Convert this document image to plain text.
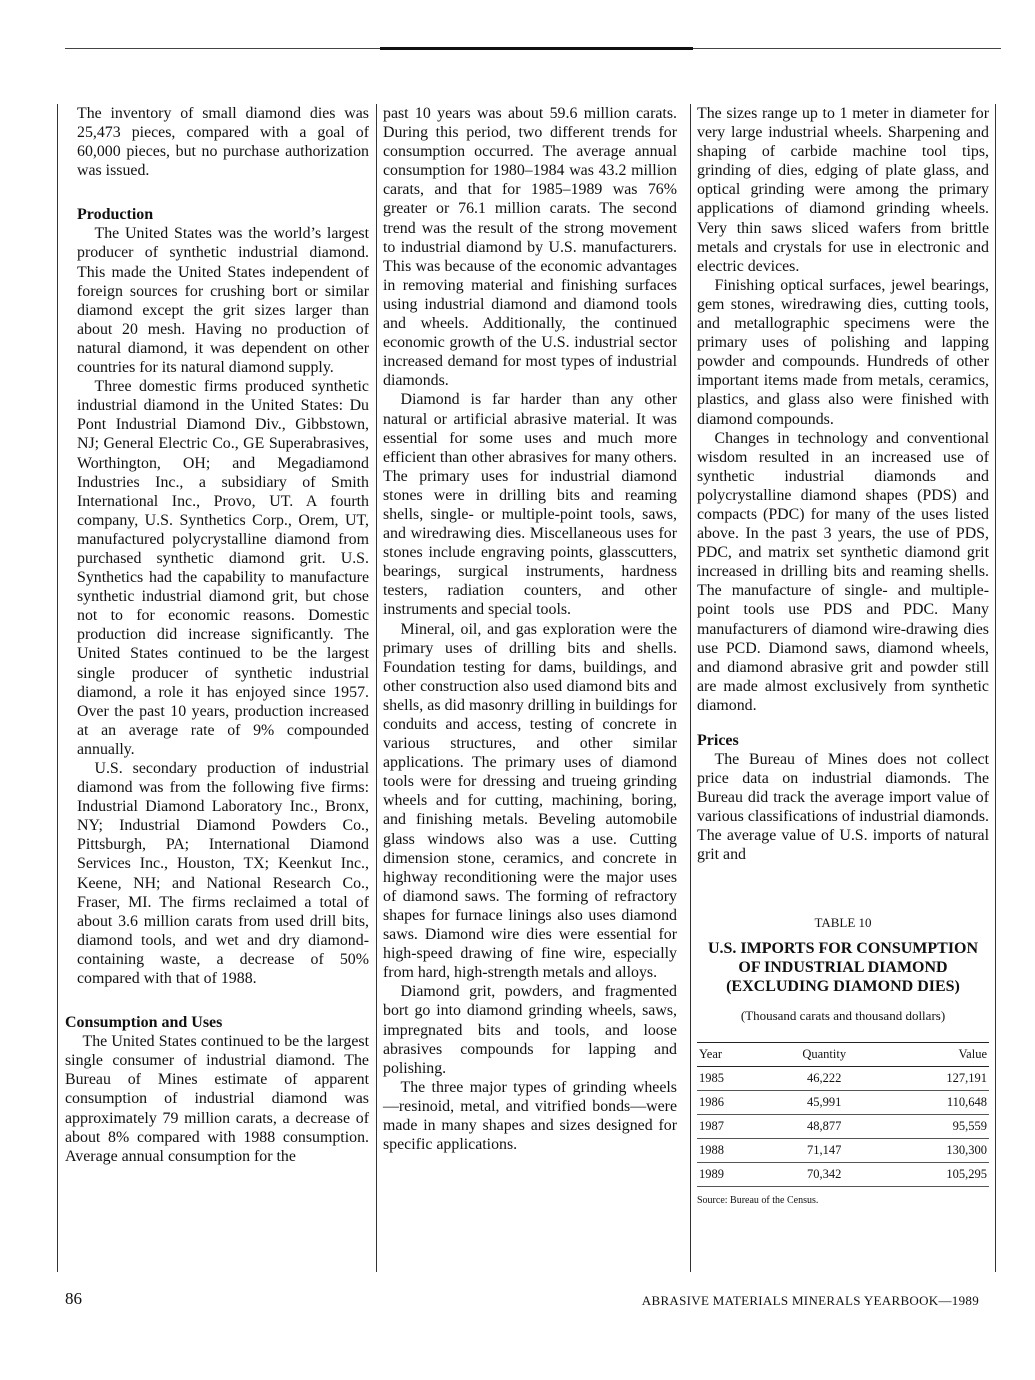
The inventory of small diamond dies was 25,473 pieces, compared with a goal of 60,000 pieces, but no purchase authorization was issued.

Production

The United States was the world’s largest producer of synthetic industrial diamond. This made the United States independent of foreign sources for crushing bort or similar diamond except the grit sizes larger than about 20 mesh. Having no production of natural diamond, it was dependent on other countries for its natural diamond supply.

Three domestic firms produced synthetic industrial diamond in the United States: Du Pont Industrial Diamond Div., Gibbstown, NJ; General Electric Co., GE Superabrasives, Worthington, OH; and Megadiamond Industries Inc., a subsidiary of Smith International Inc., Provo, UT. A fourth company, U.S. Synthetics Corp., Orem, UT, manufactured polycrystalline diamond from purchased synthetic diamond grit. U.S. Synthetics had the capability to manufacture synthetic industrial diamond grit, but chose not to for economic reasons. Domestic production did increase significantly. The United States continued to be the largest single producer of synthetic industrial diamond, a role it has enjoyed since 1957. Over the past 10 years, production increased at an average rate of 9% compounded annually.

U.S. secondary production of industrial diamond was from the following five firms: Industrial Diamond Laboratory Inc., Bronx, NY; Industrial Diamond Powders Co., Pittsburgh, PA; International Diamond Services Inc., Houston, TX; Keenkut Inc., Keene, NH; and National Research Co., Fraser, MI. The firms reclaimed a total of about 3.6 million carats from used drill bits, diamond tools, and wet and dry diamond-containing waste, a decrease of 50% compared with that of 1988.

Consumption and Uses

The United States continued to be the largest single consumer of industrial diamond. The Bureau of Mines estimate of apparent consumption of industrial diamond was approximately 79 million carats, a decrease of about 8% compared with 1988 consumption. Average annual consumption for the

past 10 years was about 59.6 million carats. During this period, two different trends for consumption occurred. The average annual consumption for 1980–1984 was 43.2 million carats, and that for 1985–1989 was 76% greater or 76.1 million carats. The second trend was the result of the strong movement to industrial diamond by U.S. manufacturers. This was because of the economic advantages in removing material and finishing surfaces using industrial diamond and diamond tools and wheels. Additionally, the continued economic growth of the U.S. industrial sector increased demand for most types of industrial diamonds.

Diamond is far harder than any other natural or artificial abrasive material. It was essential for some uses and much more efficient than other abrasives for many others. The primary uses for industrial diamond stones were in drilling bits and reaming shells, single- or multiple-point tools, saws, and wiredrawing dies. Miscellaneous uses for stones include engraving points, glasscutters, bearings, surgical instruments, hardness testers, radiation counters, and other instruments and special tools.

Mineral, oil, and gas exploration were the primary uses of drilling bits and shells. Foundation testing for dams, buildings, and other construction also used diamond bits and shells, as did masonry drilling in buildings for conduits and access, testing of concrete in various structures, and other similar applications. The primary uses of diamond tools were for dressing and trueing grinding wheels and for cutting, machining, boring, and finishing metals. Beveling automobile glass windows also was a use. Cutting dimension stone, ceramics, and concrete in highway reconditioning were the major uses of diamond saws. The forming of refractory shapes for furnace linings also uses diamond saws. Diamond wire dies were essential for high-speed drawing of fine wire, especially from hard, high-strength metals and alloys.

Diamond grit, powders, and fragmented bort go into diamond grinding wheels, saws, impregnated bits and tools, and loose abrasives compounds for lapping and polishing.

The three major types of grinding wheels—resinoid, metal, and vitrified bonds—were made in many shapes and sizes designed for specific applications.

The sizes range up to 1 meter in diameter for very large industrial wheels. Sharpening and shaping of carbide machine tool tips, grinding of dies, edging of plate glass, and optical grinding were among the primary applications of diamond grinding wheels. Very thin saws sliced wafers from brittle metals and crystals for use in electronic and electric devices.

Finishing optical surfaces, jewel bearings, gem stones, wiredrawing dies, cutting tools, and metallographic specimens were the primary uses of polishing and lapping powder and compounds. Hundreds of other important items made from metals, ceramics, plastics, and glass also were finished with diamond compounds.

Changes in technology and conventional wisdom resulted in an increased use of synthetic industrial diamonds and polycrystalline diamond shapes (PDS) and compacts (PDC) for many of the uses listed above. In the past 3 years, the use of PDS, PDC, and matrix set synthetic diamond grit increased in drilling bits and reaming shells. The manufacture of single- and multiple-point tools use PDS and PDC. Many manufacturers of diamond wire-drawing dies use PCD. Diamond saws, diamond wheels, and diamond abrasive grit and powder still are made almost exclusively from synthetic diamond.

Prices

The Bureau of Mines does not collect price data on industrial diamonds. The Bureau did track the average import value of various classifications of industrial diamonds. The average value of U.S. imports of natural grit and

TABLE 10
U.S. IMPORTS FOR CONSUMPTION OF INDUSTRIAL DIAMOND (EXCLUDING DIAMOND DIES)
(Thousand carats and thousand dollars)
Year	Quantity	Value
1985	46,222	127,191
1986	45,991	110,648
1987	48,877	95,559
1988	71,147	130,300
1989	70,342	105,295
Source: Bureau of the Census.
86	ABRASIVE MATERIALS MINERALS YEARBOOK—1989
